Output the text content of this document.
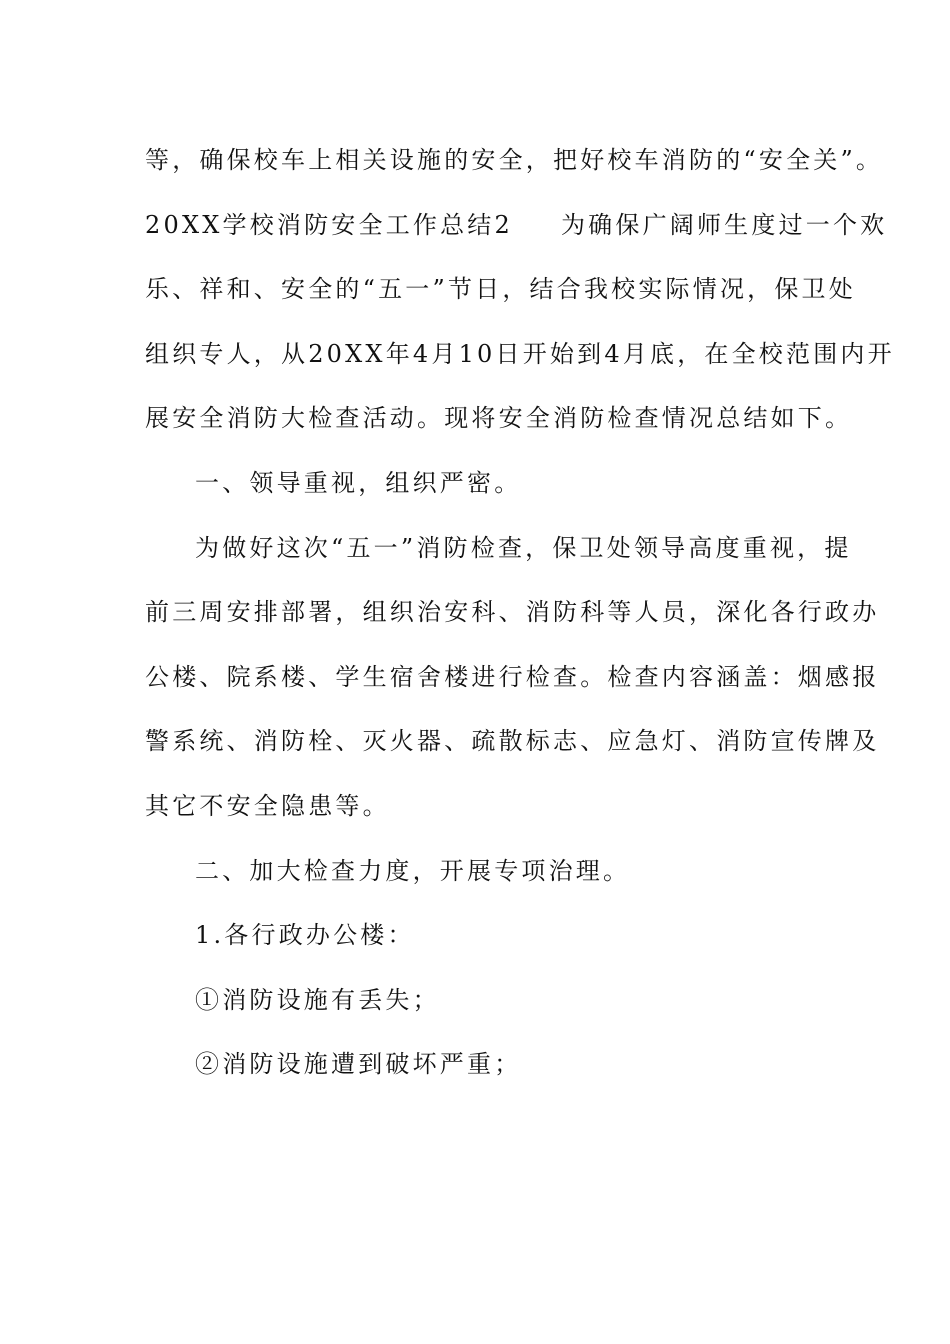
等，确保校车上相关设施的安全，把好校车消防的“安全关”。
20XX学校消防安全工作总结2 为确保广阔师生度过一个欢
乐、祥和、安全的“五一”节日，结合我校实际情况，保卫处
组织专人，从20XX年4月10日开始到4月底，在全校范围内开
展安全消防大检查活动。现将安全消防检查情况总结如下。
一、领导重视，组织严密。
为做好这次“五一”消防检查，保卫处领导高度重视，提
前三周安排部署，组织治安科、消防科等人员，深化各行政办
公楼、院系楼、学生宿舍楼进行检查。检查内容涵盖：烟感报
警系统、消防栓、灭火器、疏散标志、应急灯、消防宣传牌及
其它不安全隐患等。
二、加大检查力度，开展专项治理。
1.各行政办公楼：
①消防设施有丢失；
②消防设施遭到破坏严重；
